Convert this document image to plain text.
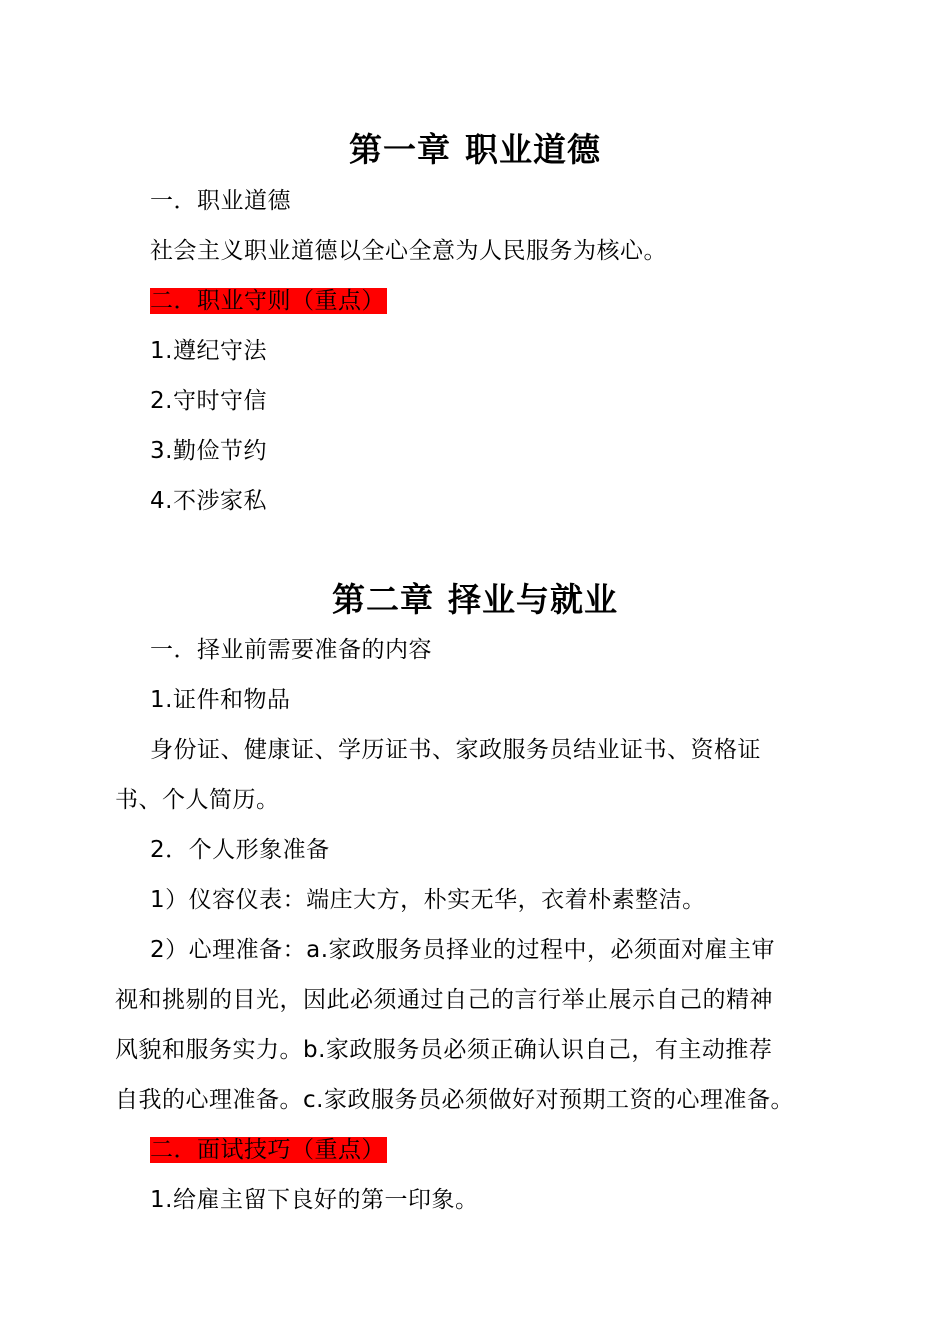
第一章 职业道德
一．职业道德
社会主义职业道德以全心全意为人民服务为核心。
二．职业守则（重点）
1.遵纪守法
2.守时守信
3.勤俭节约
4.不涉家私
第二章 择业与就业
一．择业前需要准备的内容
1.证件和物品
身份证、健康证、学历证书、家政服务员结业证书、资格证
书、个人简历。
2．个人形象准备
1）仪容仪表：端庄大方，朴实无华，衣着朴素整洁。
2）心理准备：a.家政服务员择业的过程中，必须面对雇主审
视和挑剔的目光，因此必须通过自己的言行举止展示自己的精神
风貌和服务实力。b.家政服务员必须正确认识自己，有主动推荐
自我的心理准备。c.家政服务员必须做好对预期工资的心理准备。
二．面试技巧（重点）
1.给雇主留下良好的第一印象。
